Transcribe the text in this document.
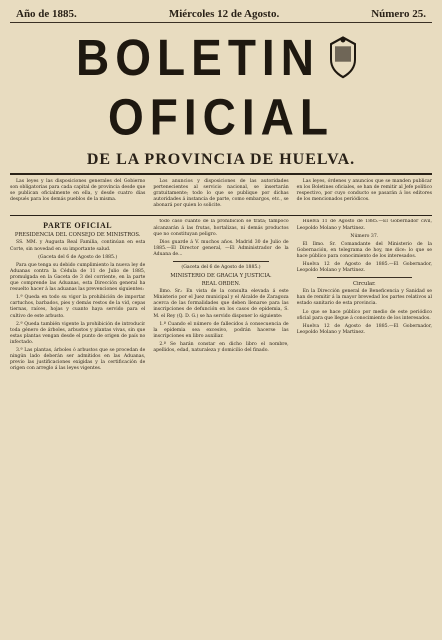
Año de 1885.	Miércoles 12 de Agosto.	Número 25.
BOLETINOFICIAL
DE LA PROVINCIA DE HUELVA.

Las leyes y las disposiciones generales del Gobierno son obligatorias para cada capital de provincia desde que se publican oficialmente en ella, y desde cuatro días después para los demás pueblos de la misma.

Los anuncios y disposiciones de las autoridades pertenecientes al servicio nacional, se insertarán gratuitamente; todo lo que se publique por dichas autoridades á instancia de parte, como embargos, etc., se abonará por quien lo solicite.

Las leyes, órdenes y anuncios que se manden publicar en los Boletines oficiales, se han de remitir al Jefe político respectivo, por cuyo conducto se pasarán á los editores de los mencionados periódicos.

PARTE OFICIAL
PRESIDENCIA DEL CONSEJO DE MINISTROS.

SS. MM. y Augusta Real Familia, continúan en esta Corte, sin novedad en su importante salud.

(Gaceta del 6 de Agosto de 1885.)

Para que tenga su debido cumplimiento la nueva ley de Aduanas contra la Cédula de 11 de Julio de 1885, promulgada en la Gaceta de 3 del corriente, en la parte que comprende las Aduanas, esta Dirección general ha resuelto hacer á las aduanas las prevenciones siguientes:

1.ª Queda en todo su vigor la prohibición de importar cartuchos, barbados, pies y demás restos de la vid, cepas tiernas, raíces, hojas y cuanto haya servido para el cultivo de este arbusto.

2.ª Queda también vigente la prohibición de introducir toda género de árboles, arbustos y plantas vivas, sin que estas plantas vengan desde el punto de origen de país no infectado.

3.ª Las plantas, árboles ó arbustos que se procedan de ningún lado deberán ser admitidos en las Aduanas, previo las justificaciones exigidas y la certificación de origen con arreglo á las leyes vigentes.

todo caso cuanto de la prohibición se trata; tampoco alcanzarán á las frutas, hortalizas, ni demás productos que no constituyan peligro.

Dios guarde á V. muchos años. Madrid 30 de Julio de 1885.—El Director general, —El Administrador de la Aduana de...

(Gaceta del 6 de Agosto de 1885.)

MINISTERIO DE GRACIA Y JUSTICIA.
REAL ORDEN.

Ilmo. Sr.: En vista de la consulta elevada á este Ministerio por el Juez municipal y el Alcalde de Zaragoza acerca de las formalidades que deben llenarse para las inscripciones de defunción en los casos de epidemia, S. M. el Rey (Q. D. G.) se ha servido disponer lo siguiente:

1.º Cuando el número de fallecidos á consecuencia de la epidemia sea excesivo, podrán hacerse las inscripciones en libro auxiliar.

2.º Se harán constar en dicho libro el nombre, apellidos, edad, naturaleza y domicilio del finado.

Huelva 11 de Agosto de 1885.—El Gobernador civil, Leopoldo Molano y Martinez.

Número 37.

El Ilmo. Sr. Comandante del Ministerio de la Gobernación, en telegrama de hoy, me dice: lo que se hace público para conocimiento de los interesados.

Huelva 12 de Agosto de 1885.—El Gobernador, Leopoldo Molano y Martinez.

Circular.

En la Dirección general de Beneficencia y Sanidad se han de remitir á la mayor brevedad los partes relativos al estado sanitario de esta provincia.

Lo que se hace público por medio de este periódico oficial para que llegue á conocimiento de los interesados.

Huelva 12 de Agosto de 1885.—El Gobernador, Leopoldo Molano y Martinez.
